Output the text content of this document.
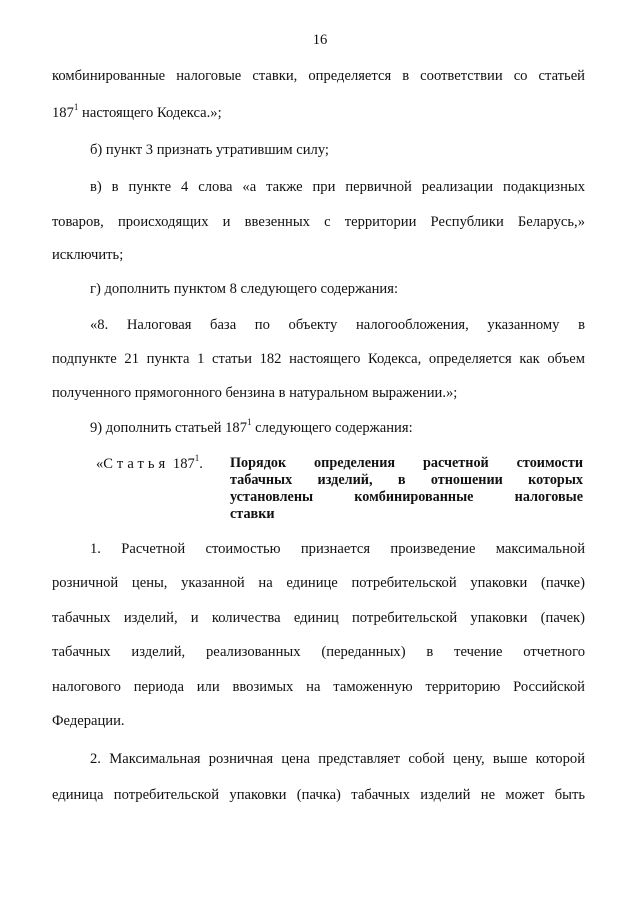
16
комбинированные налоговые ставки, определяется в соответствии со статьей
$187^1$ настоящего Кодекса.»;
б) пункт 3 признать утратившим силу;
в) в пункте 4 слова «а также при первичной реализации подакцизных
товаров, происходящих и ввезенных с территории Республики Беларусь,»
исключить;
г) дополнить пунктом 8 следующего содержания:
«8. Налоговая база по объекту налогообложения, указанному в
подпункте 21 пункта 1 статьи 182 настоящего Кодекса, определяется как объем
полученного прямогонного бензина в натуральном выражении.»;
9) дополнить статьей $187^1$ следующего содержания:
«Статья $187^1$. Порядок определения расчетной стоимости
табачных изделий, в отношении которых
установлены комбинированные налоговые
ставки
1. Расчетной стоимостью признается произведение максимальной
розничной цены, указанной на единице потребительской упаковки (пачке)
табачных изделий, и количества единиц потребительской упаковки (пачек)
табачных изделий, реализованных (переданных) в течение отчетного
налогового периода или ввозимых на таможенную территорию Российской
Федерации.
2. Максимальная розничная цена представляет собой цену, выше которой
единица потребительской упаковки (пачка) табачных изделий не может быть
